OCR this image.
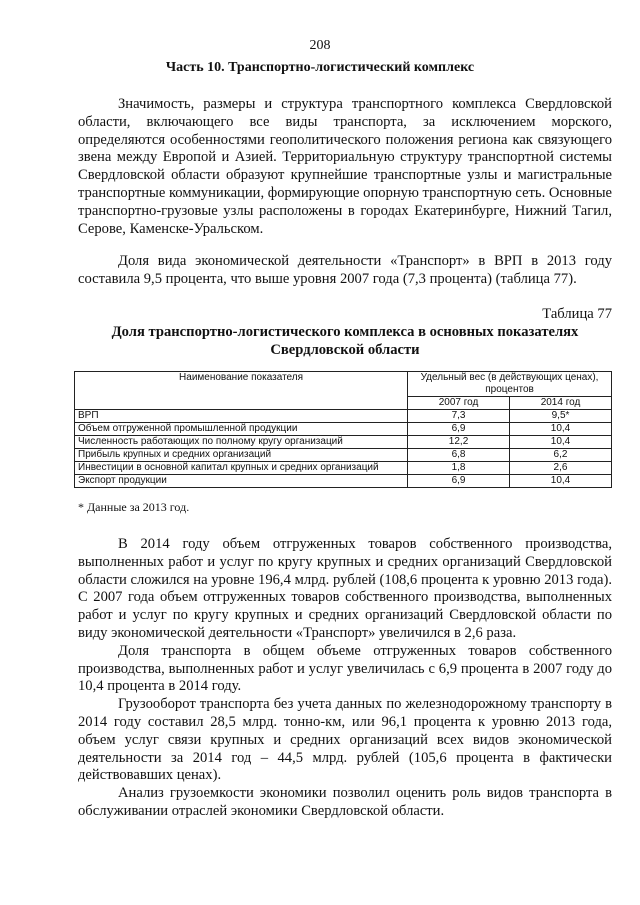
208
Часть 10. Транспортно-логистический комплекс

Значимость, размеры и структура транспортного комплекса Свердловской области, включающего все виды транспорта, за исключением морского, определяются особенностями геополитического положения региона как связующего звена между Европой и Азией. Территориальную структуру транспортной системы Свердловской области образуют крупнейшие транспортные узлы и магистральные транспортные коммуникации, формирующие опорную транспортную сеть. Основные транспортно-грузовые узлы расположены в городах Екатеринбурге, Нижний Тагил, Серове, Каменске-Уральском.

Доля вида экономической деятельности «Транспорт» в ВРП в 2013 году составила 9,5 процента, что выше уровня 2007 года (7,3 процента) (таблица 77).

Таблица 77
Доля транспортно-логистического комплекса в основных показателях Свердловской области
Наименование показателя	Удельный вес (в действующих ценах), процентов	
	2007 год	2014 год
ВРП	7,3	9,5*
Объем отгруженной промышленной продукции	6,9	10,4
Численность работающих по полному кругу организаций	12,2	10,4
Прибыль крупных и средних организаций	6,8	6,2
Инвестиции в основной капитал крупных и средних организаций	1,8	2,6
Экспорт продукции	6,9	10,4
* Данные за 2013 год.

В 2014 году объем отгруженных товаров собственного производства, выполненных работ и услуг по кругу крупных и средних организаций Свердловской области сложился на уровне 196,4 млрд. рублей (108,6 процента к уровню 2013 года). С 2007 года объем отгруженных товаров собственного производства, выполненных работ и услуг по кругу крупных и средних организаций Свердловской области по виду экономической деятельности «Транспорт» увеличился в 2,6 раза.

Доля транспорта в общем объеме отгруженных товаров собственного производства, выполненных работ и услуг увеличилась с 6,9 процента в 2007 году до 10,4 процента в 2014 году.

Грузооборот транспорта без учета данных по железнодорожному транспорту в 2014 году составил 28,5 млрд. тонно-км, или 96,1 процента к уровню 2013 года, объем услуг связи крупных и средних организаций всех видов экономической деятельности за 2014 год – 44,5 млрд. рублей (105,6 процента в фактически действовавших ценах).

Анализ грузоемкости экономики позволил оценить роль видов транспорта в обслуживании отраслей экономики Свердловской области.
